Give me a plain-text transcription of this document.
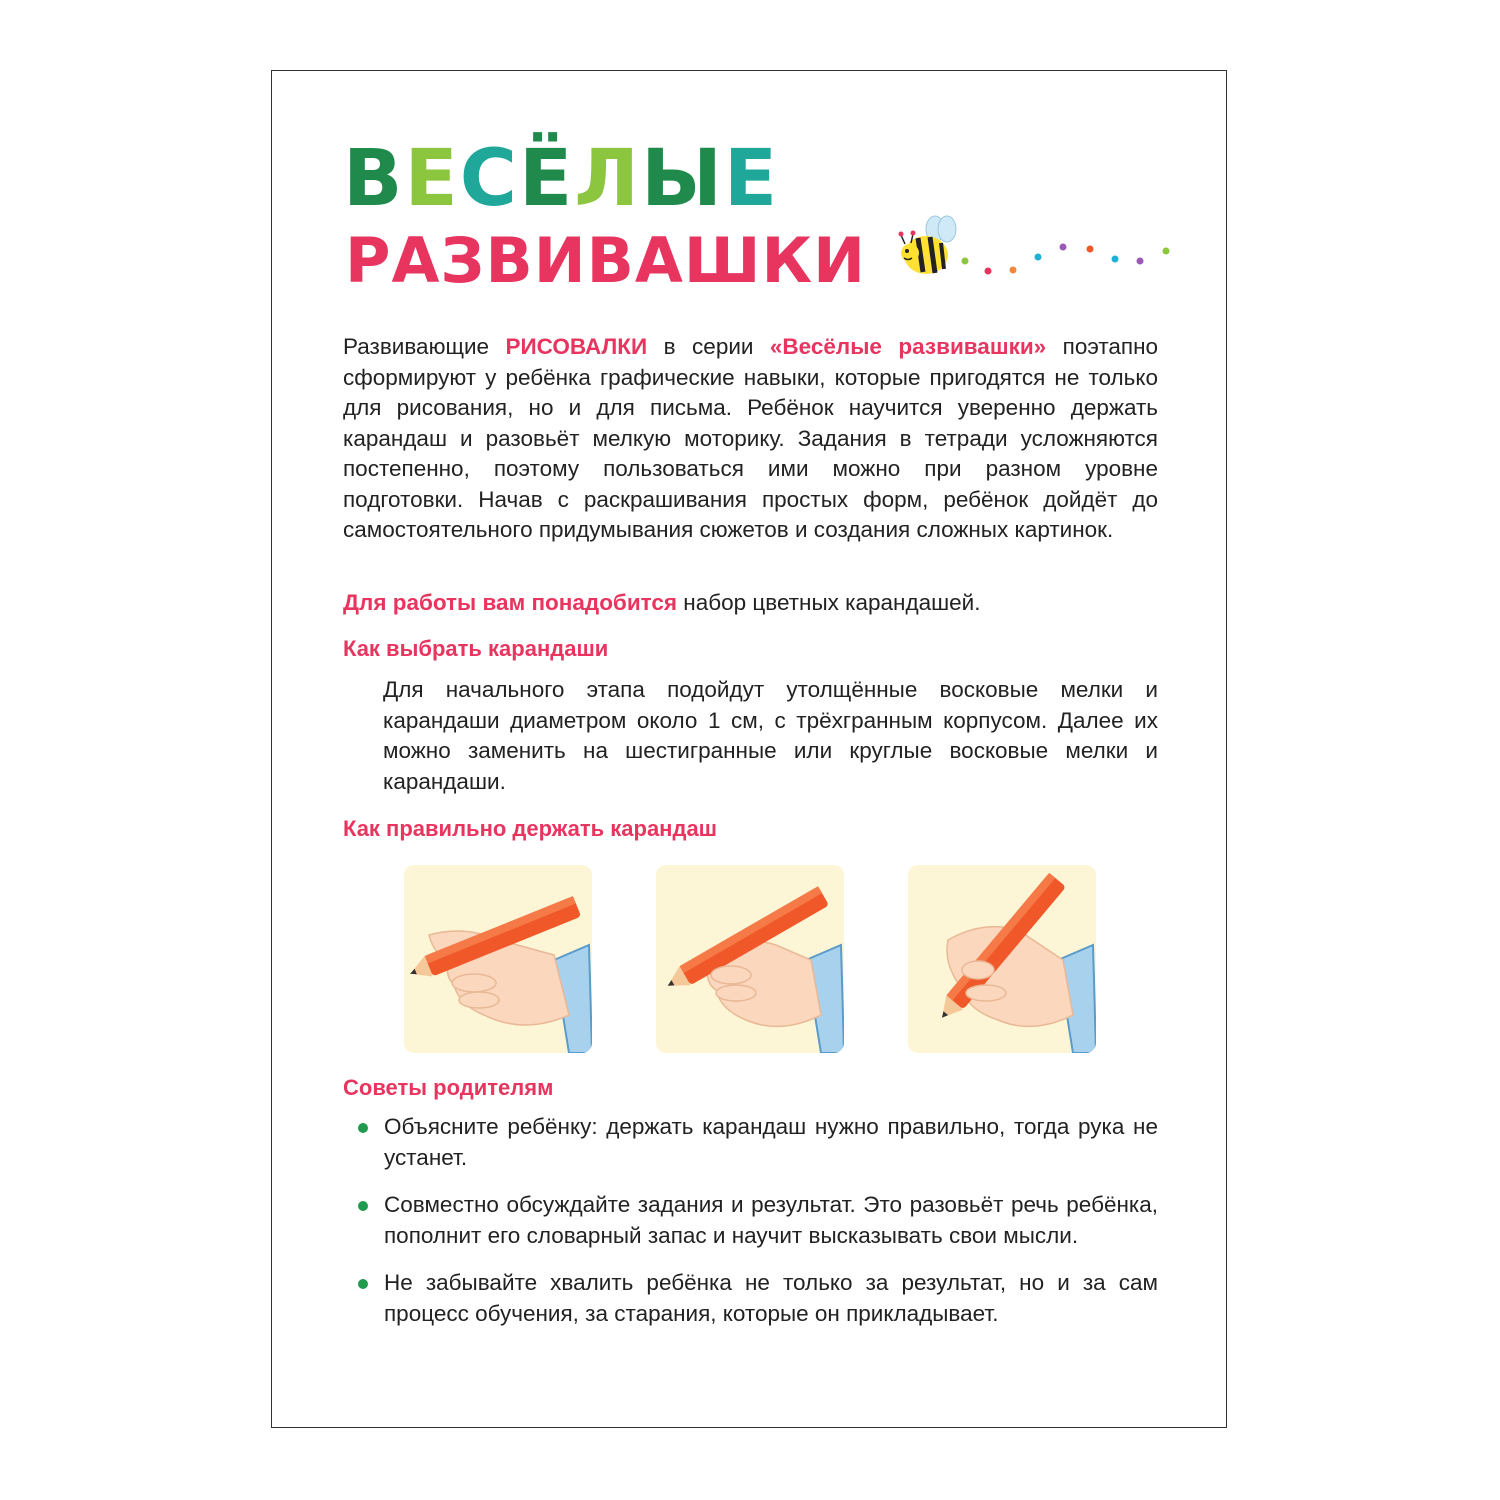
ВЕСЁЛЫЕ
РАЗВИВАШКИ

Развивающие РИСОВАЛКИ в серии «Весёлые развивашки» поэтапно сформируют у ребёнка графические навыки, которые пригодятся не только для рисования, но и для письма. Ребёнок научится уверенно держать карандаш и разовьёт мелкую моторику. Задания в тетради усложняются постепенно, поэтому пользоваться ими можно при разном уровне подготовки. Начав с раскрашивания простых форм, ребёнок дойдёт до самостоятельного придумывания сюжетов и создания сложных картинок.

Для работы вам понадобится набор цветных карандашей.

Как выбрать карандаши

Для начального этапа подойдут утолщённые восковые мелки и карандаши диаметром около 1 см, с трёхгранным корпусом. Далее их можно заменить на шестигранные или круглые восковые мелки и карандаши.

Как правильно держать карандаш
Советы родителям
Объясните ребёнку: держать карандаш нужно правильно, тогда рука не устанет.
Совместно обсуждайте задания и результат. Это разовьёт речь ребёнка, пополнит его словарный запас и научит высказывать свои мысли.
Не забывайте хвалить ребёнка не только за результат, но и за сам процесс обучения, за старания, которые он прикладывает.
